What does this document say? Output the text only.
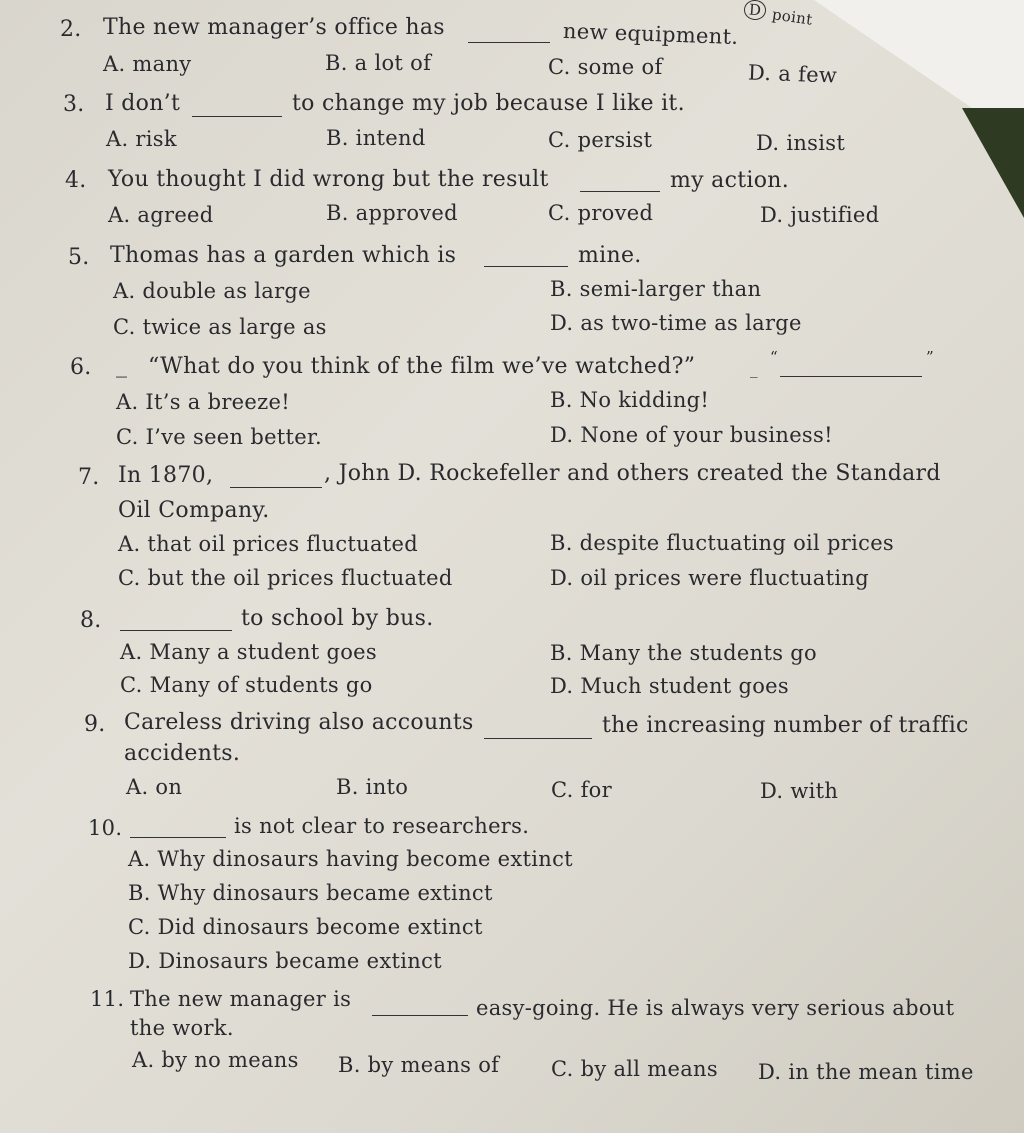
D point
2. The new manager’s office has	new equipment.
A. many	B. a lot of	C. some of	D. a few
3. I don’t	to change my job because I like it.
A. risk	B. intend	C. persist	D. insist
4. You thought I did wrong but the result	my action.
A. agreed	B. approved	C. proved	D. justified
5. Thomas has a garden which is	mine.
A. double as large	B. semi-larger than
C. twice as large as	D. as two-time as large
6. _ “What do you think of the film we’ve watched?”	_
“	”
A. It’s a breeze!	B. No kidding!
C. I’ve seen better.	D. None of your business!
7. In 1870,	, John D. Rockefeller and others created the Standard
Oil Company.
A. that oil prices fluctuated	B. despite fluctuating oil prices
C. but the oil prices fluctuated	D. oil prices were fluctuating
8.	to school by bus.
A. Many a student goes	B. Many the students go
C. Many of students go	D. Much student goes
9. Careless driving also accounts	the increasing number of traffic
accidents.
A. on	B. into	C. for	D. with
10.	is not clear to researchers.
A. Why dinosaurs having become extinct
B. Why dinosaurs became extinct
C. Did dinosaurs become extinct
D. Dinosaurs became extinct
11. The new manager is	easy-going. He is always very serious about
the work.
A. by no means B. by means of C. by all means D. in the mean time
